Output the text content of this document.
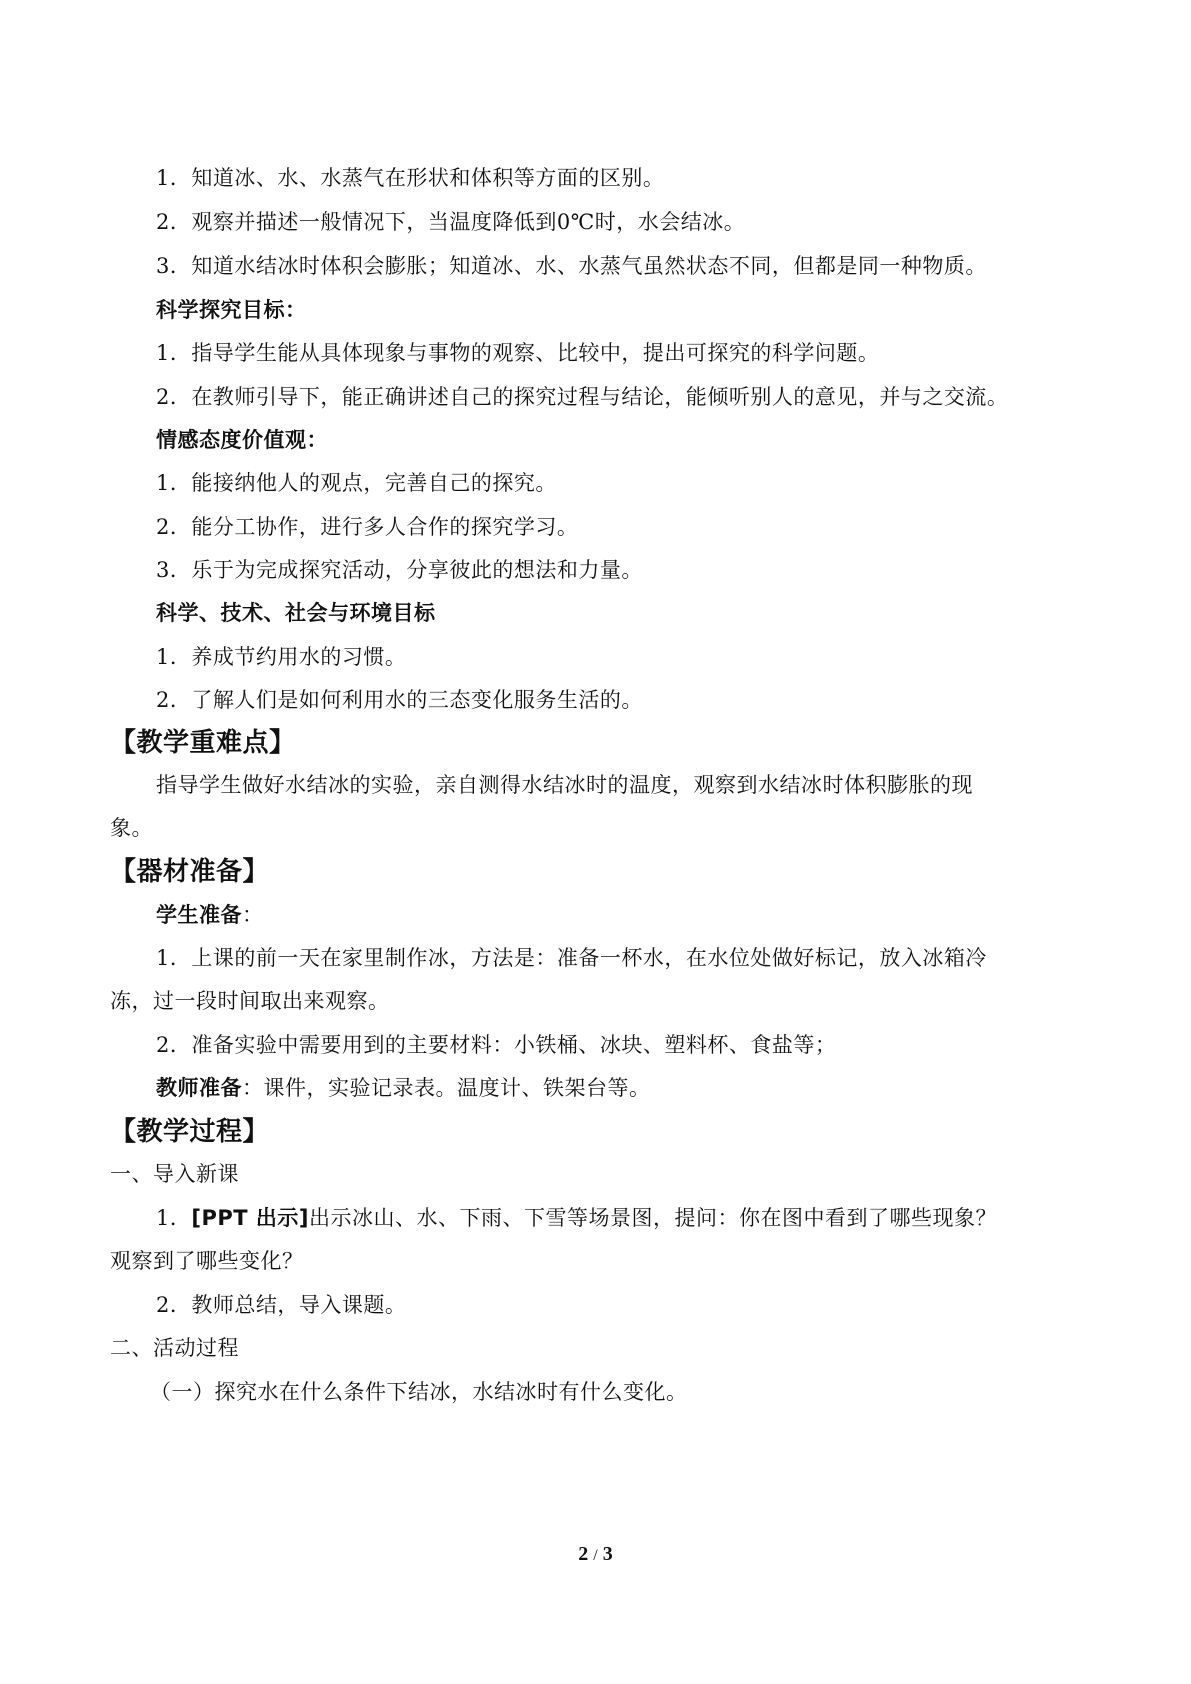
1．知道冰、水、水蒸气在形状和体积等方面的区别。
2．观察并描述一般情况下，当温度降低到0℃时，水会结冰。
3．知道水结冰时体积会膨胀；知道冰、水、水蒸气虽然状态不同，但都是同一种物质。
科学探究目标：
1．指导学生能从具体现象与事物的观察、比较中，提出可探究的科学问题。
2．在教师引导下，能正确讲述自己的探究过程与结论，能倾听别人的意见，并与之交流。
情感态度价值观：
1．能接纳他人的观点，完善自己的探究。
2．能分工协作，进行多人合作的探究学习。
3．乐于为完成探究活动，分享彼此的想法和力量。
科学、技术、社会与环境目标
1．养成节约用水的习惯。
2．了解人们是如何利用水的三态变化服务生活的。
【教学重难点】
指导学生做好水结冰的实验，亲自测得水结冰时的温度，观察到水结冰时体积膨胀的现
象。
【器材准备】
学生准备：
1．上课的前一天在家里制作冰，方法是：准备一杯水，在水位处做好标记，放入冰箱冷
冻，过一段时间取出来观察。
2．准备实验中需要用到的主要材料：小铁桶、冰块、塑料杯、食盐等；
教师准备：课件，实验记录表。温度计、铁架台等。
【教学过程】
一、导入新课
1．[PPT 出示]出示冰山、水、下雨、下雪等场景图，提问：你在图中看到了哪些现象？
观察到了哪些变化？
2．教师总结，导入课题。
二、活动过程
（一）探究水在什么条件下结冰，水结冰时有什么变化。
2 / 3
